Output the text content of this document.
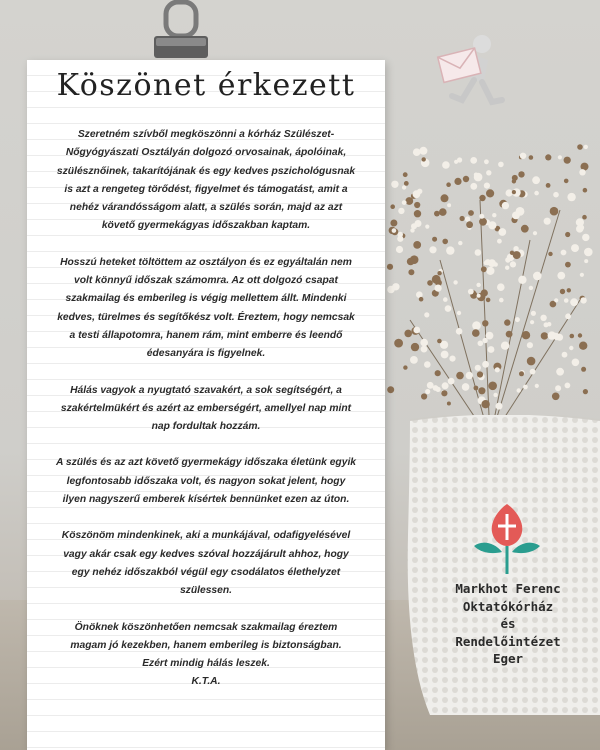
Köszönet érkezett

Szeretném szívből megköszönni a kórház Szülészet-
Nőgyógyászati Osztályán dolgozó orvosainak, ápolóinak,
szülésznőinek, takarítójának és egy kedves pszichológusnak
is azt a rengeteg törődést, figyelmet és támogatást, amit a
nehéz várandósságom alatt, a szülés során, majd az azt
követő gyermekágyas időszakban kaptam.

Hosszú heteket töltöttem az osztályon és ez egyáltalán nem
volt könnyű időszak számomra. Az ott dolgozó csapat
szakmailag és emberileg is végig mellettem állt. Mindenki
kedves, türelmes és segítőkész volt. Éreztem, hogy nemcsak
a testi állapotomra, hanem rám, mint emberre és leendő
édesanyára is figyelnek.

Hálás vagyok a nyugtató szavakért, a sok segítségért, a
szakértelmükért és azért az emberségért, amellyel nap mint
nap fordultak hozzám.

A szülés és az azt követő gyermekágy időszaka életünk egyik
legfontosabb időszaka volt, és nagyon sokat jelent, hogy
ilyen nagyszerű emberek kísértek bennünket ezen az úton.

Köszönöm mindenkinek, aki a munkájával, odafigyelésével
vagy akár csak egy kedves szóval hozzájárult ahhoz, hogy
egy nehéz időszakból végül egy csodálatos élethelyzet
szülessen.

Önöknek köszönhetően nemcsak szakmailag éreztem
magam jó kezekben, hanem emberileg is biztonságban.
Ezért mindig hálás leszek.
K.T.A.

Markhot Ferenc
Oktatókórház
és
Rendelőintézet
Eger
